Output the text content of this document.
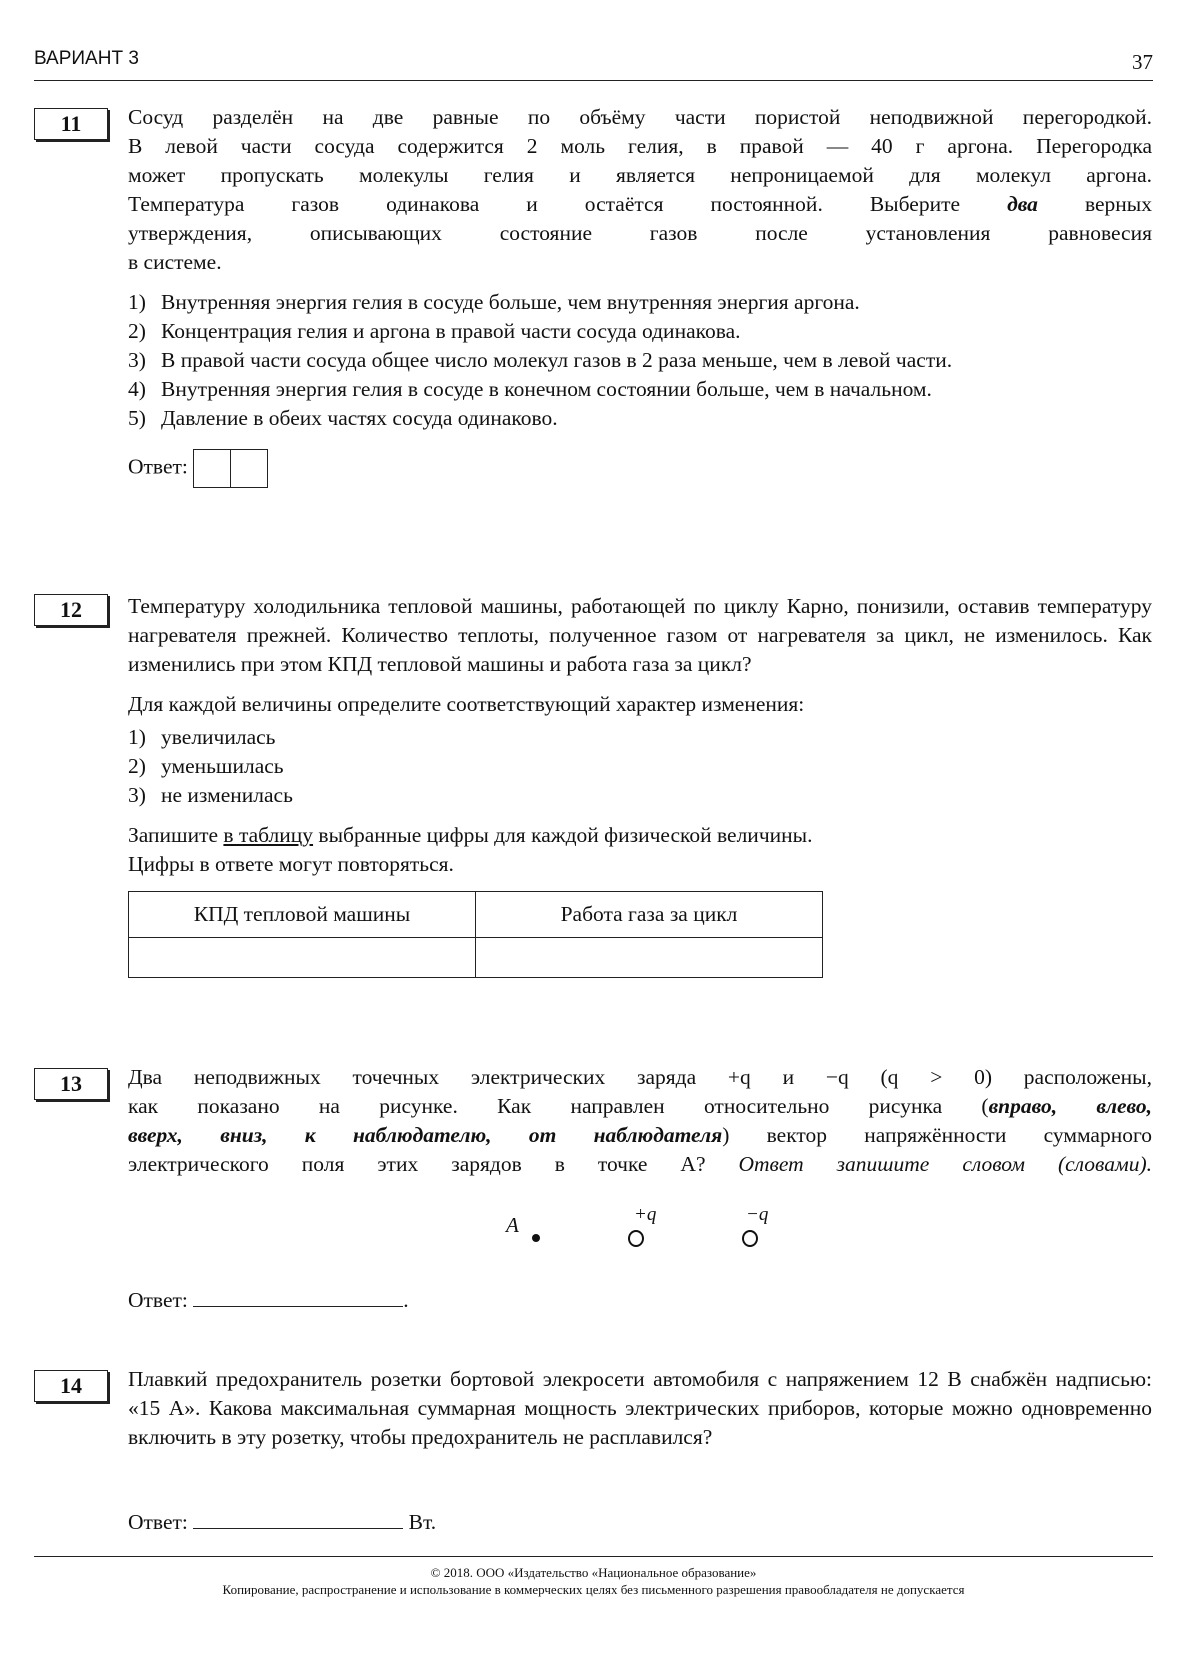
ВАРИАНТ 3	37
11	Сосуд разделён на две равные по объёму части пористой неподвижной перегородкой.
В левой части сосуда содержится 2 моль гелия, в правой — 40 г аргона. Перегородка
может пропускать молекулы гелия и является непроницаемой для молекул аргона.
Температура газов одинакова и остаётся постоянной. Выберите два верных
утверждения, описывающих состояние газов после установления равновесия
в системе.
1) Внутренняя энергия гелия в сосуде больше, чем внутренняя энергия аргона.
2) Концентрация гелия и аргона в правой части сосуда одинакова.
3) В правой части сосуда общее число молекул газов в 2 раза меньше, чем в левой части.
4) Внутренняя энергия гелия в сосуде в конечном состоянии больше, чем в начальном.
5) Давление в обеих частях сосуда одинаково.
Ответ:
12	Температуру холодильника тепловой машины, работающей по циклу Карно, понизили, оставив температуру нагревателя прежней. Количество теплоты, полученное газом от нагревателя за цикл, не изменилось. Как изменились при этом КПД тепловой машины и работа газа за цикл?
Для каждой величины определите соответствующий характер изменения:
1) увеличилась
2) уменьшилась
3) не изменилась
Запишите в таблицу выбранные цифры для каждой физической величины.
Цифры в ответе могут повторяться.
КПД тепловой машины	Работа газа за цикл

13	Два неподвижных точечных электрических заряда +q и −q (q > 0) расположены,
как показано на рисунке. Как направлен относительно рисунка (вправо, влево,
вверх, вниз, к наблюдателю, от наблюдателя) вектор напряжённости суммарного
электрического поля этих зарядов в точке A? Ответ запишите словом (словами).
A	+q	−q
Ответ:	.
14	Плавкий предохранитель розетки бортовой элекросети автомобиля с напряжением 12 В снабжён надписью: «15 А». Какова максимальная суммарная мощность электрических приборов, которые можно одновременно включить в эту розетку, чтобы предохранитель не расплавился?
Ответ:	Вт.
© 2018. ООО «Издательство «Национальное образование»
Копирование, распространение и использование в коммерческих целях без письменного разрешения правообладателя не допускается
